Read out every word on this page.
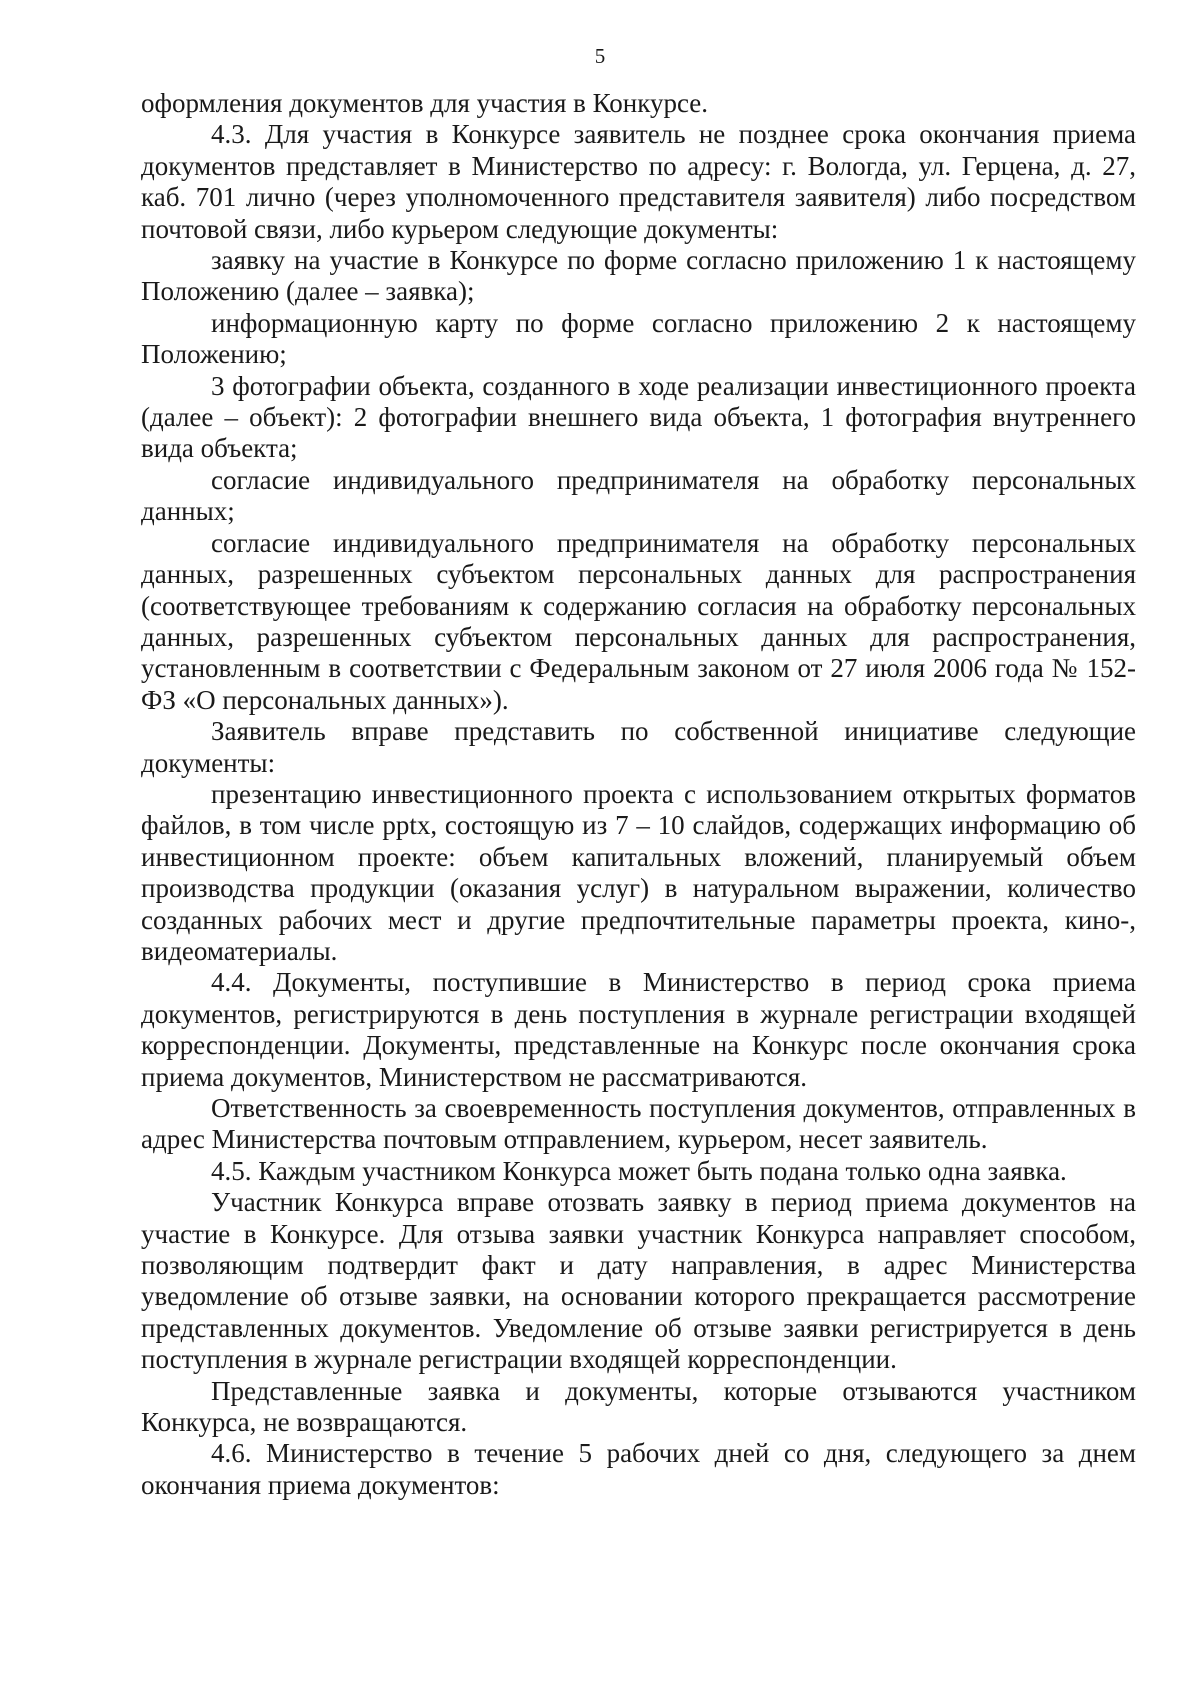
5

оформления документов для участия в Конкурсе.

4.3. Для участия в Конкурсе заявитель не позднее срока окончания приема документов представляет в Министерство по адресу: г. Вологда, ул. Герцена, д. 27, каб. 701 лично (через уполномоченного представителя заявителя) либо посредством почтовой связи, либо курьером следующие документы:

заявку на участие в Конкурсе по форме согласно приложению 1 к настоящему Положению (далее – заявка);

информационную карту по форме согласно приложению 2 к настоящему Положению;

3 фотографии объекта, созданного в ходе реализации инвестиционного проекта (далее – объект): 2 фотографии внешнего вида объекта, 1 фотография внутреннего вида объекта;

согласие индивидуального предпринимателя на обработку персональных данных;

согласие индивидуального предпринимателя на обработку персональных данных, разрешенных субъектом персональных данных для распространения (соответствующее требованиям к содержанию согласия на обработку персональных данных, разрешенных субъектом персональных данных для распространения, установленным в соответствии с Федеральным законом от 27 июля 2006 года № 152-ФЗ «О персональных данных»).

Заявитель вправе представить по собственной инициативе следующие документы:

презентацию инвестиционного проекта с использованием открытых форматов файлов, в том числе pptx, состоящую из 7 – 10 слайдов, содержащих информацию об инвестиционном проекте: объем капитальных вложений, планируемый объем производства продукции (оказания услуг) в натуральном выражении, количество созданных рабочих мест и другие предпочтительные параметры проекта, кино-, видеоматериалы.

4.4. Документы, поступившие в Министерство в период срока приема документов, регистрируются в день поступления в журнале регистрации входящей корреспонденции. Документы, представленные на Конкурс после окончания срока приема документов, Министерством не рассматриваются.

Ответственность за своевременность поступления документов, отправленных в адрес Министерства почтовым отправлением, курьером, несет заявитель.

4.5. Каждым участником Конкурса может быть подана только одна заявка.

Участник Конкурса вправе отозвать заявку в период приема документов на участие в Конкурсе. Для отзыва заявки участник Конкурса направляет способом, позволяющим подтвердит факт и дату направления, в адрес Министерства уведомление об отзыве заявки, на основании которого прекращается рассмотрение представленных документов. Уведомление об отзыве заявки регистрируется в день поступления в журнале регистрации входящей корреспонденции.

Представленные заявка и документы, которые отзываются участником Конкурса, не возвращаются.

4.6. Министерство в течение 5 рабочих дней со дня, следующего за днем окончания приема документов:
